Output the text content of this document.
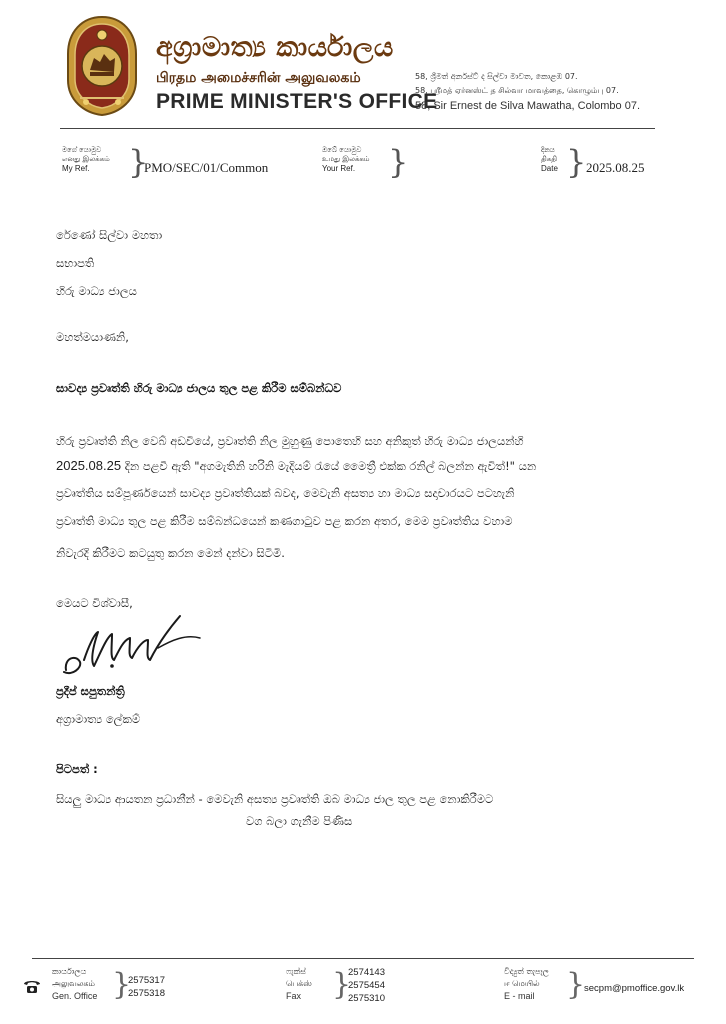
අග්‍රාමාත්‍ය කාර්යාලය
பிரதம அமைச்சரின் அலுவலகம்
PRIME MINISTER'S OFFICE
58, ශ්‍රීමත් අර්නස්ට් ද සිල්වා මාවත, කොළඹ 07.
58, ஸ்ரீமத் ஏர்னஸ்ட் த சில்வா மாவத்தை, கொழும்பு 07.
58, Sir Ernest de Silva Mawatha, Colombo 07.
මගේ යොමුව
எனது இலக்கம்
My Ref.	}
PMO/SEC/01/Common
ඔබේ යොමුව
உமது இலக்கம்
Your Ref.	}	දිනය
திகதி
Date } 2025.08.25
රේණෝ සිල්වා මහතා
සභාපති
හිරු මාධ්‍ය ජාලය
මහත්මයාණනි,
සාවද්‍ය ප්‍රවෘත්ති හිරු මාධ්‍ය ජාලය තුල පළ කිරීම සම්බන්ධව
හිරු ප්‍රවෘත්ති නිල වෙබ් අඩවියේ, ප්‍රවෘත්ති නිල මුහුණු පොතෙහි සහ අනිකුත් හිරු මාධ්‍ය ජාලයන්හි
2025.08.25 දින පළවී ඇති "අගමැතිනි හරිනි මැදියම් රැයේ මෛත්‍රී එක්ක රනිල් බලන්න ඇවිත්!" යන
ප්‍රවෘත්තිය සම්පූර්ණයෙන් සාවද්‍ය ප්‍රවෘත්තියක් බවද, මෙවැනි අසත්‍ය හා මාධ්‍ය සදාචාරයට පටහැනි
ප්‍රවෘත්ති මාධ්‍ය තුල පළ කිරීම සම්බන්ධයෙන් කණගාටුව පළ කරන අතර, මෙම ප්‍රවෘත්තිය වහාම
නිවැරදි කිරීමට කටයුතු කරන මෙන් දන්වා සිටිමි.
මෙයට විශ්වාසී,
ප්‍රදීප් සපුතන්ත්‍රි
අග්‍රාමාත්‍ය ලේකම්
පිටපත් :
සියලු මාධ්‍ය ආයතන ප්‍රධානීන් - මෙවැනි අසත්‍ය ප්‍රවෘත්ති ඔබ මාධ්‍ය ජාල තුල පළ නොකිරීමට
වග බලා ගැනීම පිණිස
කාර්යාලය
அலுவலகம்
Gen. Office }
2575317
2575318
ෆැක්ස්
பெக்ஸ்
Fax	}
2574143
2575454
2575310
විද්‍යුත් තැපෑල
ஈ மெயில்
E - mail	}
secpm@pmoffice.gov.lk
